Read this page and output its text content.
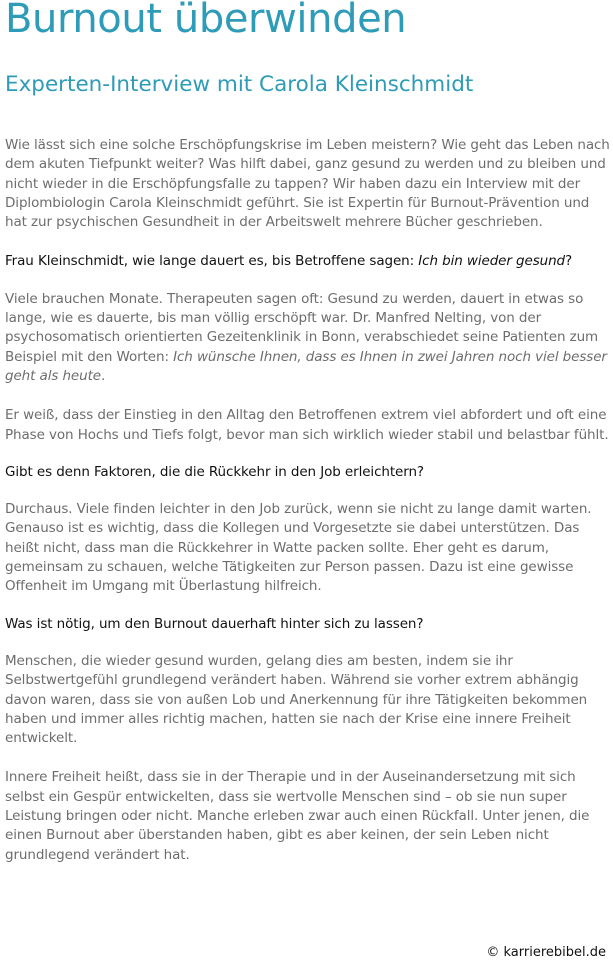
Burnout überwinden
Experten-Interview mit Carola Kleinschmidt

Wie lässt sich eine solche Erschöpfungskrise im Leben meistern? Wie geht das Leben nach dem akuten Tiefpunkt weiter? Was hilft dabei, ganz gesund zu werden und zu bleiben und nicht wieder in die Erschöpfungsfalle zu tappen? Wir haben dazu ein Interview mit der Diplombiologin Carola Kleinschmidt geführt. Sie ist Expertin für Burnout-Prävention und hat zur psychischen Gesundheit in der Arbeitswelt mehrere Bücher geschrieben.

Frau Kleinschmidt, wie lange dauert es, bis Betroffene sagen: Ich bin wieder gesund?

Viele brauchen Monate. Therapeuten sagen oft: Gesund zu werden, dauert in etwas so lange, wie es dauerte, bis man völlig erschöpft war. Dr. Manfred Nelting, von der psychosomatisch orientierten Gezeitenklinik in Bonn, verabschiedet seine Patienten zum Beispiel mit den Worten: Ich wünsche Ihnen, dass es Ihnen in zwei Jahren noch viel besser geht als heute.

Er weiß, dass der Einstieg in den Alltag den Betroffenen extrem viel abfordert und oft eine Phase von Hochs und Tiefs folgt, bevor man sich wirklich wieder stabil und belastbar fühlt.

Gibt es denn Faktoren, die die Rückkehr in den Job erleichtern?

Durchaus. Viele finden leichter in den Job zurück, wenn sie nicht zu lange damit warten. Genauso ist es wichtig, dass die Kollegen und Vorgesetzte sie dabei unterstützen. Das heißt nicht, dass man die Rückkehrer in Watte packen sollte. Eher geht es darum, gemeinsam zu schauen, welche Tätigkeiten zur Person passen. Dazu ist eine gewisse Offenheit im Umgang mit Überlastung hilfreich.

Was ist nötig, um den Burnout dauerhaft hinter sich zu lassen?

Menschen, die wieder gesund wurden, gelang dies am besten, indem sie ihr Selbstwertgefühl grundlegend verändert haben. Während sie vorher extrem abhängig davon waren, dass sie von außen Lob und Anerkennung für ihre Tätigkeiten bekommen haben und immer alles richtig machen, hatten sie nach der Krise eine innere Freiheit entwickelt.

Innere Freiheit heißt, dass sie in der Therapie und in der Auseinandersetzung mit sich selbst ein Gespür entwickelten, dass sie wertvolle Menschen sind – ob sie nun super Leistung bringen oder nicht. Manche erleben zwar auch einen Rückfall. Unter jenen, die einen Burnout aber überstanden haben, gibt es aber keinen, der sein Leben nicht grundlegend verändert hat.

© karrierebibel.de
